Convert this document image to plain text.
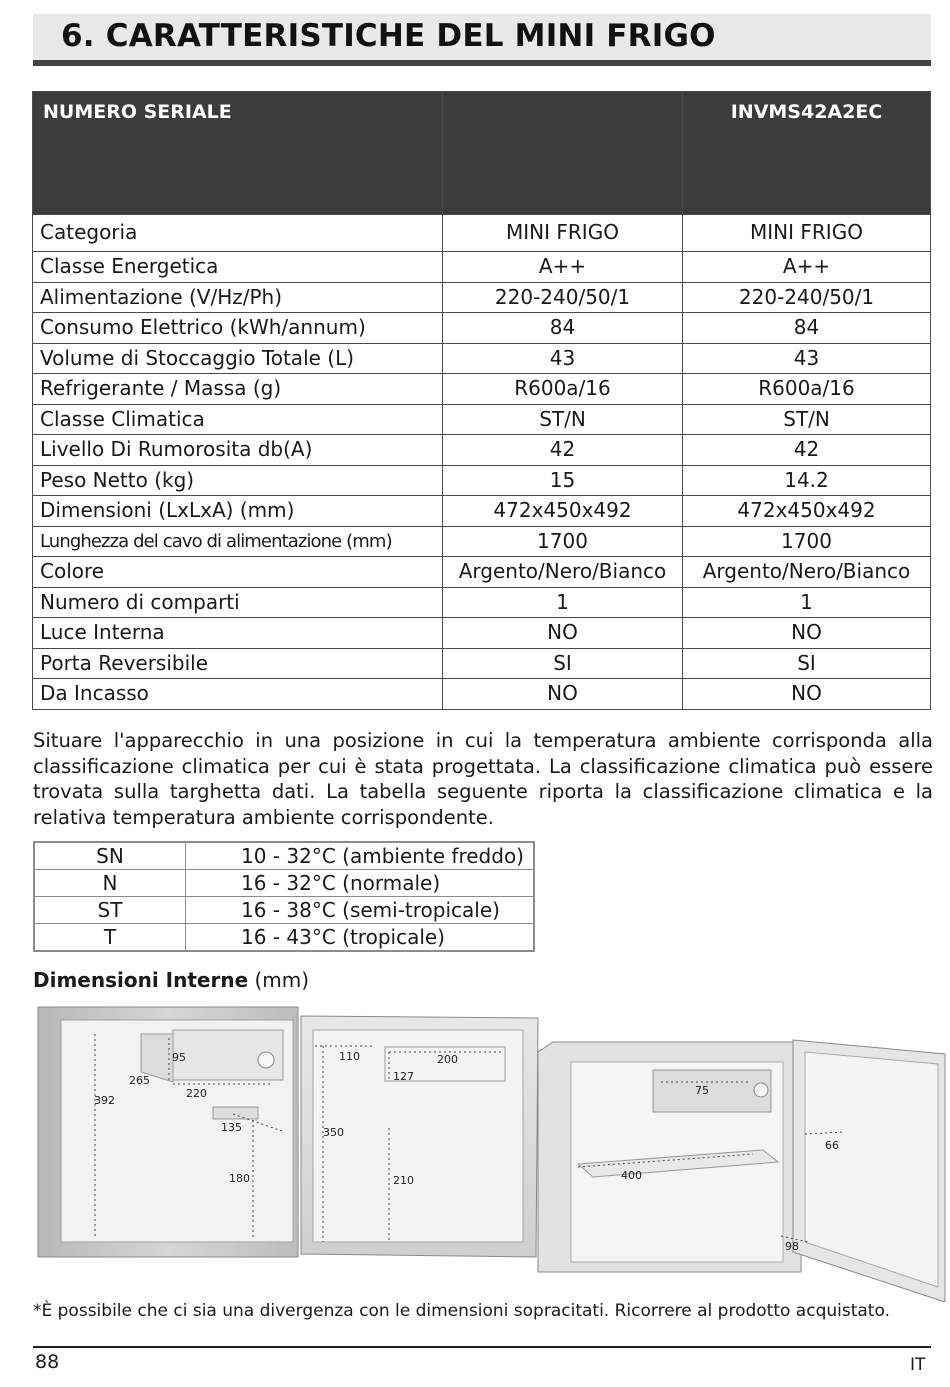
6. CARATTERISTICHE DEL MINI FRIGO
NUMERO SERIALE		INVMS42A2EC
Categoria	MINI FRIGO	MINI FRIGO
Classe Energetica	A++	A++
Alimentazione (V/Hz/Ph)	220-240/50/1	220-240/50/1
Consumo Elettrico (kWh/annum)	84	84
Volume di Stoccaggio Totale (L)	43	43
Refrigerante / Massa (g)	R600a/16	R600a/16
Classe Climatica	ST/N	ST/N
Livello Di Rumorosita db(A)	42	42
Peso Netto (kg)	15	14.2
Dimensioni (LxLxA) (mm)	472x450x492	472x450x492
Lunghezza del cavo di alimentazione (mm)	1700	1700
Colore	Argento/Nero/Bianco	Argento/Nero/Bianco
Numero di comparti	1	1
Luce Interna	NO	NO
Porta Reversibile	SI	SI
Da Incasso	NO	NO
Situare l'apparecchio in una posizione in cui la temperatura ambiente corrisponda alla classificazione climatica per cui è stata progettata. La classificazione climatica può essere trovata sulla targhetta dati. La tabella seguente riporta la classificazione climatica e la relativa temperatura ambiente corrispondente.
SN	10 - 32°C (ambiente freddo)
N	16 - 32°C (normale)
ST	16 - 38°C (semi-tropicale)
T	16 - 43°C (tropicale)
Dimensioni Interne (mm)
95
265
220
392
135
180
110	200
127
350
210
75
400
66
98
*È possibile che ci sia una divergenza con le dimensioni sopracitati. Ricorrere al prodotto acquistato.
88	IT
